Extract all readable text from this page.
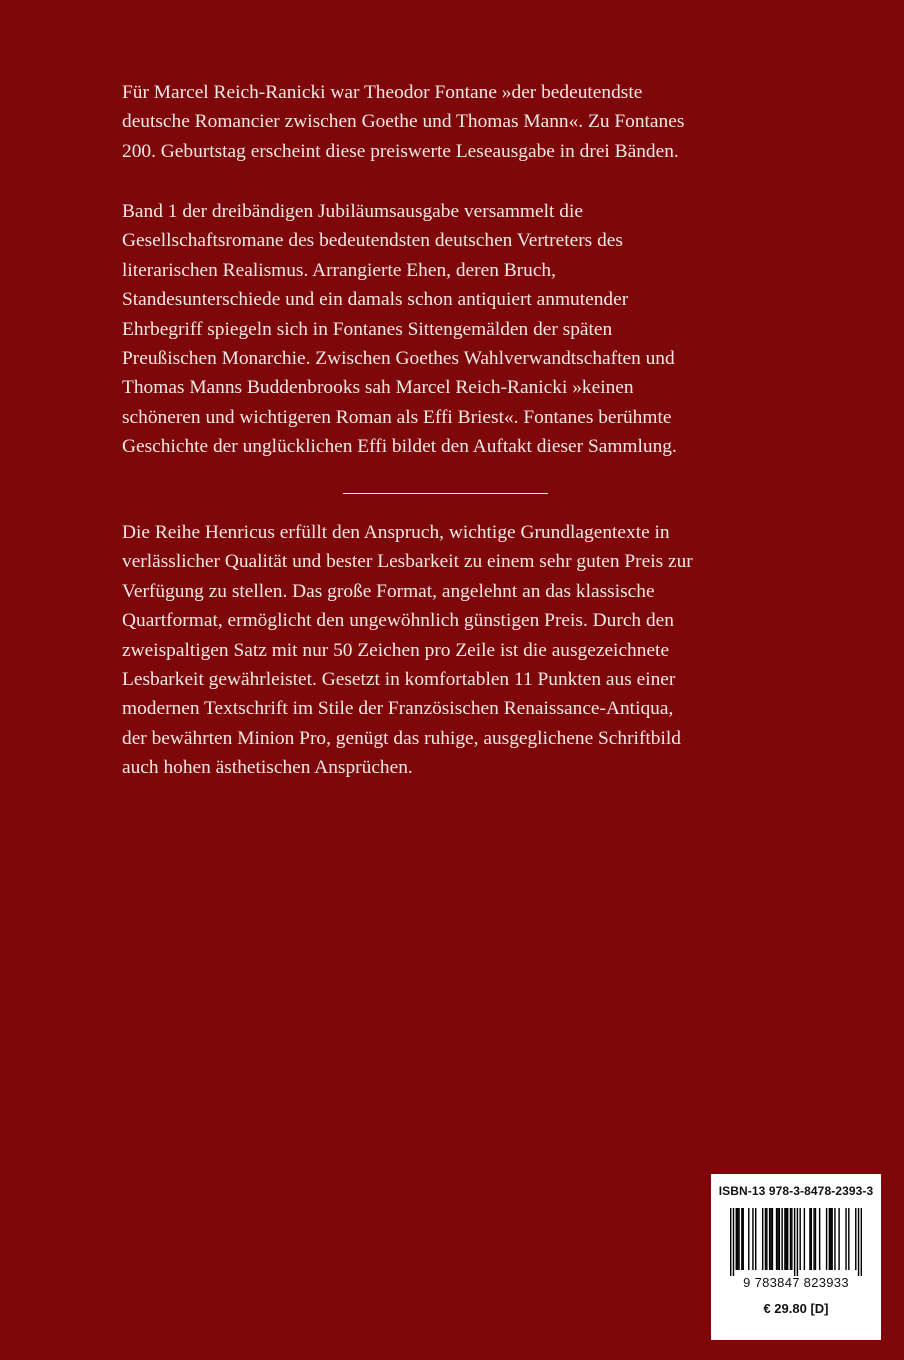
Für Marcel Reich-Ranicki war Theodor Fontane »der bedeutendste
deutsche Romancier zwischen Goethe und Thomas Mann«. Zu Fontanes
200. Geburtstag erscheint diese preiswerte Leseausgabe in drei Bänden.

Band 1 der dreibändigen Jubiläumsausgabe versammelt die
Gesellschaftsromane des bedeutendsten deutschen Vertreters des
literarischen Realismus. Arrangierte Ehen, deren Bruch,
Standesunterschiede und ein damals schon antiquiert anmutender
Ehrbegriff spiegeln sich in Fontanes Sittengemälden der späten
Preußischen Monarchie. Zwischen Goethes Wahlverwandtschaften und
Thomas Manns Buddenbrooks sah Marcel Reich-Ranicki »keinen
schöneren und wichtigeren Roman als Effi Briest«. Fontanes berühmte
Geschichte der unglücklichen Effi bildet den Auftakt dieser Sammlung.

Die Reihe Henricus erfüllt den Anspruch, wichtige Grundlagentexte in
verlässlicher Qualität und bester Lesbarkeit zu einem sehr guten Preis zur
Verfügung zu stellen. Das große Format, angelehnt an das klassische
Quartformat, ermöglicht den ungewöhnlich günstigen Preis. Durch den
zweispaltigen Satz mit nur 50 Zeichen pro Zeile ist die ausgezeichnete
Lesbarkeit gewährleistet. Gesetzt in komfortablen 11 Punkten aus einer
modernen Textschrift im Stile der Französischen Renaissance-Antiqua,
der bewährten Minion Pro, genügt das ruhige, ausgeglichene Schriftbild
auch hohen ästhetischen Ansprüchen.

ISBN-13 978-3-8478-2393-3
9 783847 823933
€ 29.80 [D]
